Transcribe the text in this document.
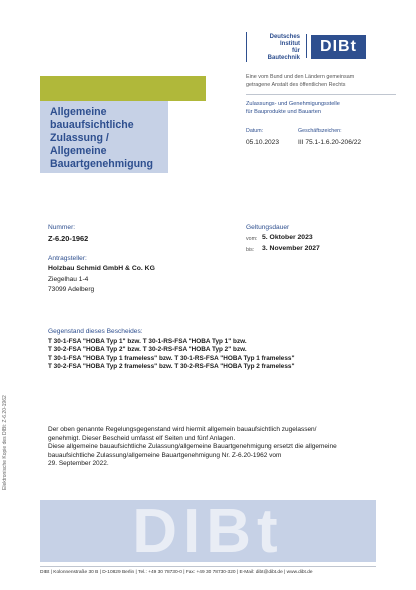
Deutsches
Institut
für
Bautechnik
DIBt
Eine vom Bund und den Ländern gemeinsam
getragene Anstalt des öffentlichen Rechts
Zulassungs- und Genehmigungsstelle
für Bauprodukte und Bauarten
Datum:
05.10.2023
Geschäftszeichen:
III 75.1-1.6.20-206/22
Allgemeine
bauaufsichtliche
Zulassung /
Allgemeine
Bauartgenehmigung
Nummer:
Z-6.20-1962
Geltungsdauer
vom: 5. Oktober 2023
bis: 3. November 2027
Antragsteller:
Holzbau Schmid GmbH & Co. KG
Ziegelhau 1-4
73099 Adelberg
Gegenstand dieses Bescheides:
T 30-1-FSA "HOBA Typ 1" bzw. T 30-1-RS-FSA "HOBA Typ 1" bzw.
T 30-2-FSA "HOBA Typ 2" bzw. T 30-2-RS-FSA "HOBA Typ 2" bzw.
T 30-1-FSA "HOBA Typ 1 frameless" bzw. T 30-1-RS-FSA "HOBA Typ 1 frameless"
T 30-2-FSA "HOBA Typ 2 frameless" bzw. T 30-2-RS-FSA "HOBA Typ 2 frameless"
Der oben genannte Regelungsgegenstand wird hiermit allgemein bauaufsichtlich zugelassen/
genehmigt. Dieser Bescheid umfasst elf Seiten und fünf Anlagen.
Diese allgemeine bauaufsichtliche Zulassung/allgemeine Bauartgenehmigung ersetzt die allgemeine
bauaufsichtliche Zulassung/allgemeine Bauartgenehmigung Nr. Z-6.20-1962 vom
29. September 2022.
Elektronische Kopie des DIBt: Z-6.20-1962
DIBt
DIBt | Kolonnenstraße 30 B | D-10829 Berlin | Tel.: +49 30 78730-0 | Fax: +49 30 78730-320 | E-Mail: dibt@dibt.de | www.dibt.de
